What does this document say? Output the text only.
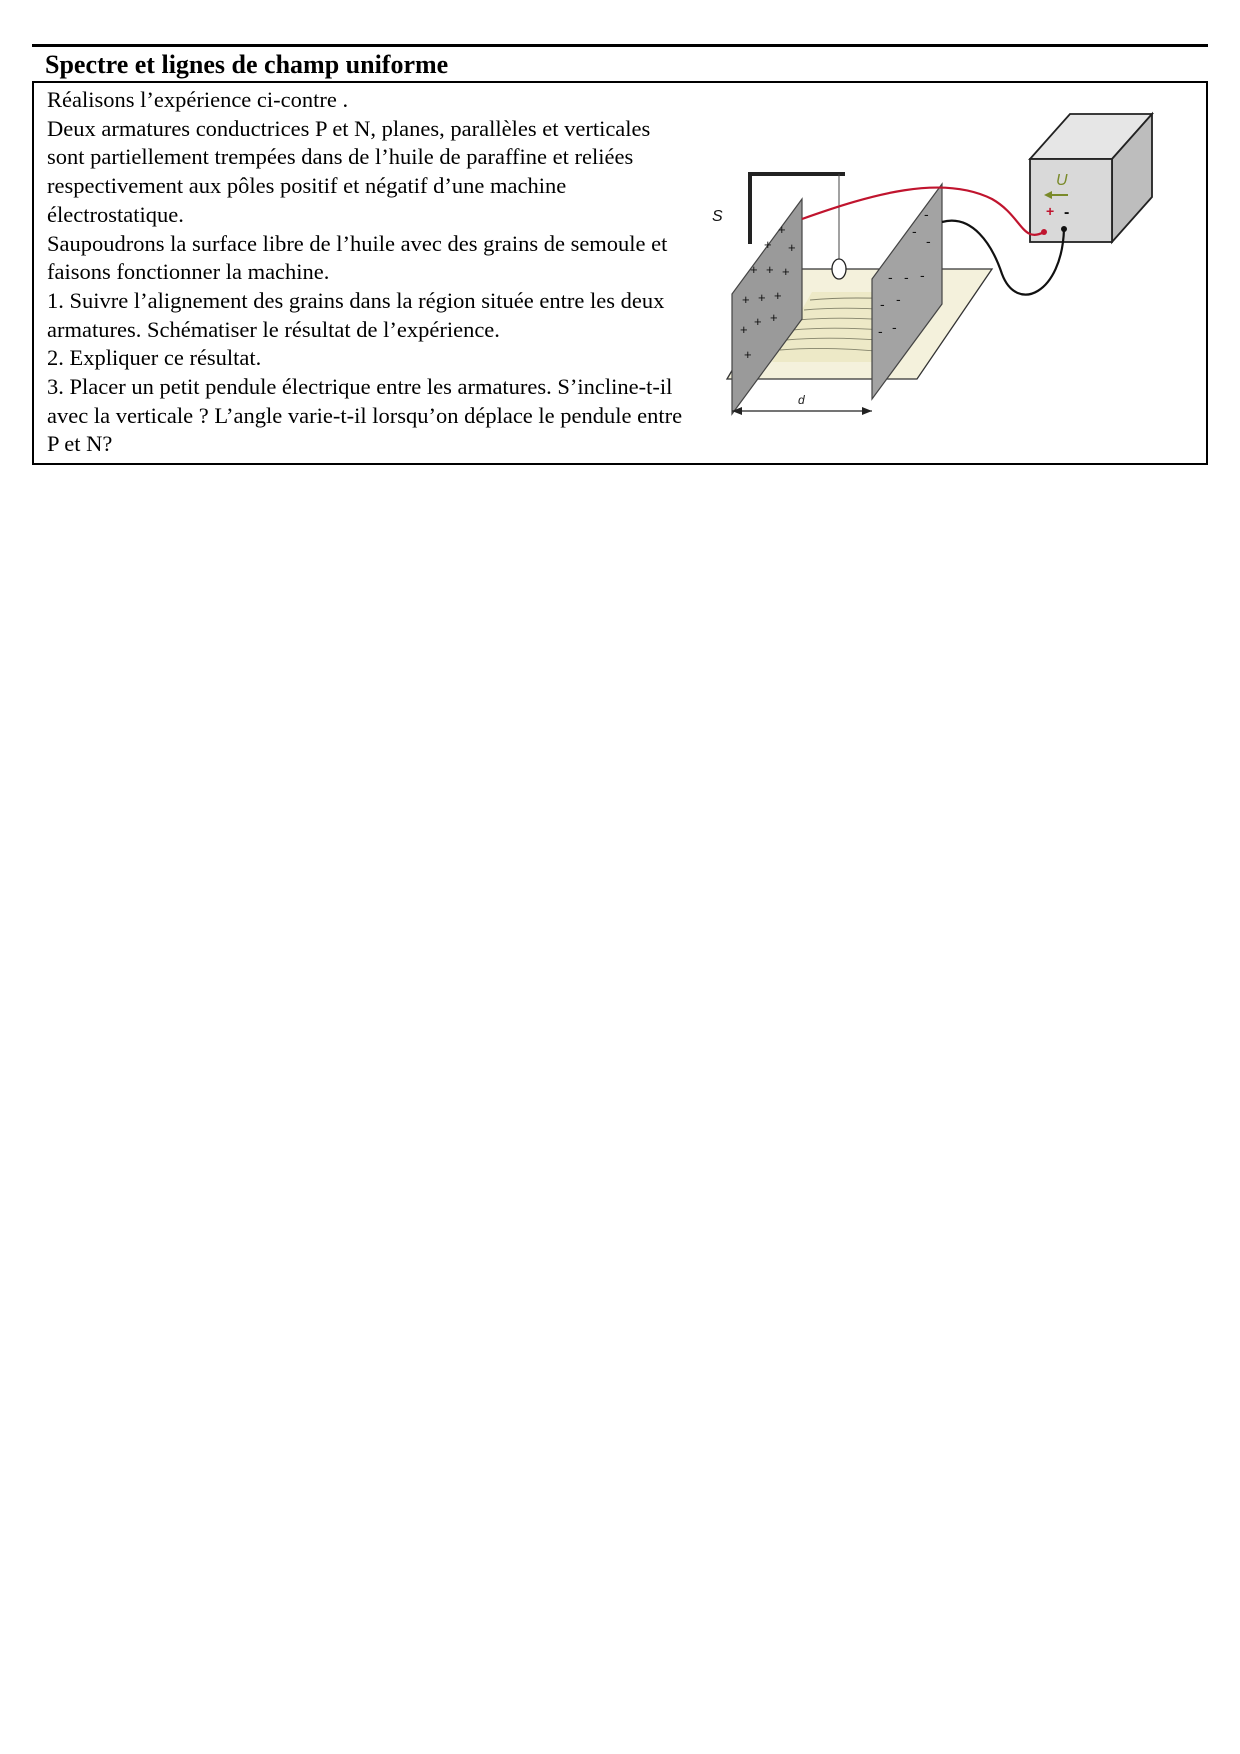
Spectre et lignes de champ uniforme

Réalisons l’expérience ci-contre .

Deux armatures conductrices P et N, planes, parallèles et verticales sont partiellement trempées dans de l’huile de paraffine et reliées respectivement aux pôles positif et négatif d’une machine électrostatique.

Saupoudrons la surface libre de l’huile avec des grains de semoule et faisons fonctionner la machine.

1. Suivre l’alignement des grains dans la région située entre les deux armatures. Schématiser le résultat de l’expérience.

2. Expliquer ce résultat.

3. Placer un petit pendule électrique entre les armatures. S’incline-t-il avec la verticale ? L’angle varie-t-il lorsqu’on déplace le pendule entre P et N?

+
+
+
+ + +
+ + +
+
+ +
+
-
-
-
- - -
- -
- -
S
d
U
+ -
